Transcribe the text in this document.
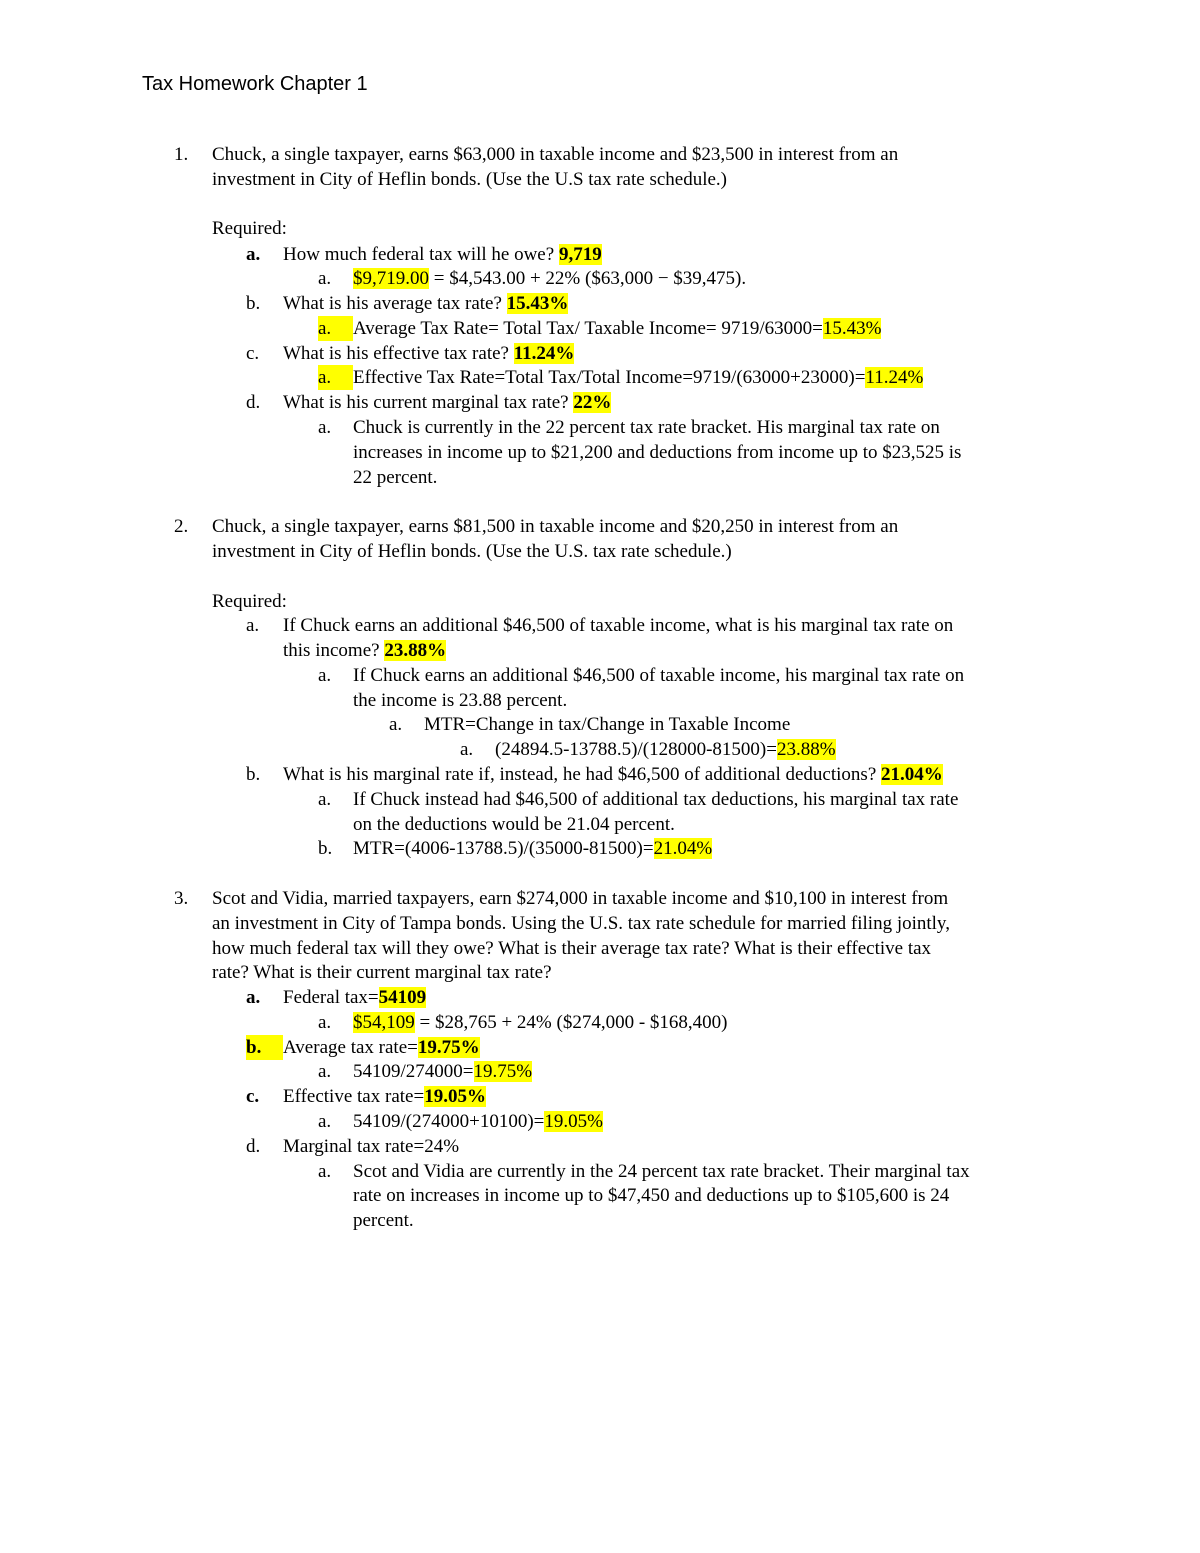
Tax Homework Chapter 1
1. Chuck, a single taxpayer, earns $63,000 in taxable income and $23,500 in interest from an
investment in City of Heflin bonds. (Use the U.S tax rate schedule.)
Required:
a. How much federal tax will he owe? 9,719
a. $9,719.00 = $4,543.00 + 22% ($63,000 − $39,475).
b. What is his average tax rate? 15.43%
a.	Average Tax Rate= Total Tax/ Taxable Income= 9719/63000=15.43%
c. What is his effective tax rate? 11.24%
a.	Effective Tax Rate=Total Tax/Total Income=9719/(63000+23000)=11.24%
d. What is his current marginal tax rate? 22%
a. Chuck is currently in the 22 percent tax rate bracket. His marginal tax rate on
increases in income up to $21,200 and deductions from income up to $23,525 is
22 percent.
2. Chuck, a single taxpayer, earns $81,500 in taxable income and $20,250 in interest from an
investment in City of Heflin bonds. (Use the U.S. tax rate schedule.)
Required:
a. If Chuck earns an additional $46,500 of taxable income, what is his marginal tax rate on
this income? 23.88%
a. If Chuck earns an additional $46,500 of taxable income, his marginal tax rate on
the income is 23.88 percent.
a. MTR=Change in tax/Change in Taxable Income
a. (24894.5-13788.5)/(128000-81500)=23.88%
b. What is his marginal rate if, instead, he had $46,500 of additional deductions? 21.04%
a. If Chuck instead had $46,500 of additional tax deductions, his marginal tax rate
on the deductions would be 21.04 percent.
b. MTR=(4006-13788.5)/(35000-81500)=21.04%
3. Scot and Vidia, married taxpayers, earn $274,000 in taxable income and $10,100 in interest from
an investment in City of Tampa bonds. Using the U.S. tax rate schedule for married filing jointly,
how much federal tax will they owe? What is their average tax rate? What is their effective tax
rate? What is their current marginal tax rate?
a. Federal tax=54109
a. $54,109 = $28,765 + 24% ($274,000 - $168,400)
b.	Average tax rate=19.75%
a. 54109/274000=19.75%
c. Effective tax rate=19.05%
a. 54109/(274000+10100)=19.05%
d. Marginal tax rate=24%
a. Scot and Vidia are currently in the 24 percent tax rate bracket. Their marginal tax
rate on increases in income up to $47,450 and deductions up to $105,600 is 24
percent.
